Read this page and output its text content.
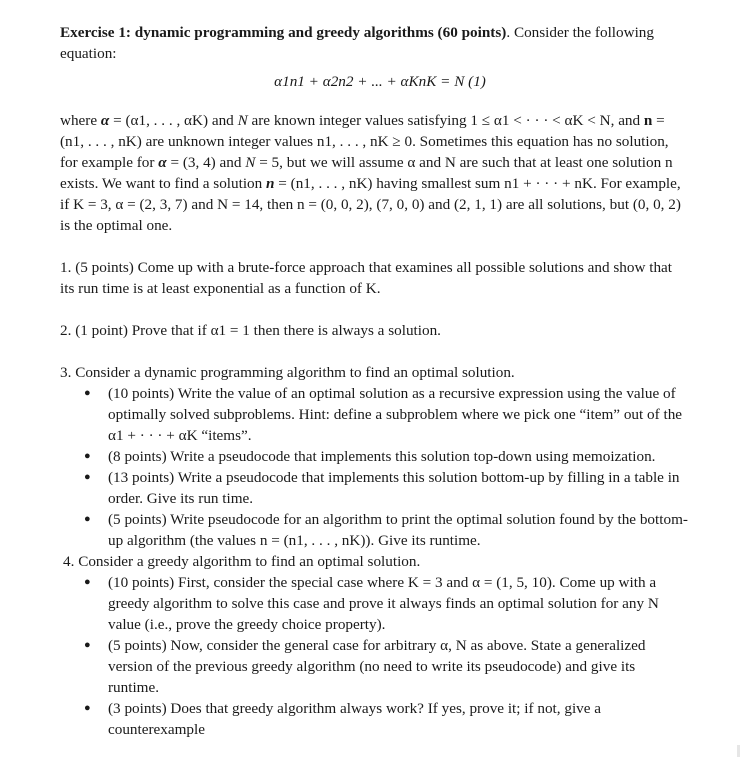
Exercise 1: dynamic programming and greedy algorithms (60 points). Consider the following equation:
α1n1 + α2n2 + ... + αKnK = N (1)
where α = (α1, . . . , αK) and N are known integer values satisfying 1 ≤ α1 < · · · < αK < N, and n = (n1, . . . , nK) are unknown integer values n1, . . . , nK ≥ 0. Sometimes this equation has no solution, for example for α = (3, 4) and N = 5, but we will assume α and N are such that at least one solution n exists. We want to find a solution n = (n1, . . . , nK) having smallest sum n1 + · · · + nK. For example, if K = 3, α = (2, 3, 7) and N = 14, then n = (0, 0, 2), (7, 0, 0) and (2, 1, 1) are all solutions, but (0, 0, 2) is the optimal one.
1. (5 points) Come up with a brute-force approach that examines all possible solutions and show that its run time is at least exponential as a function of K.
2. (1 point) Prove that if α1 = 1 then there is always a solution.
3. Consider a dynamic programming algorithm to find an optimal solution.
● (10 points) Write the value of an optimal solution as a recursive expression using the value of optimally solved subproblems. Hint: define a subproblem where we pick one “item” out of the α1 + · · · + αK “items”.
● (8 points) Write a pseudocode that implements this solution top-down using memoization.
● (13 points) Write a pseudocode that implements this solution bottom-up by filling in a table in order. Give its run time.
● (5 points) Write pseudocode for an algorithm to print the optimal solution found by the bottom-up algorithm (the values n = (n1, . . . , nK)). Give its runtime.
4. Consider a greedy algorithm to find an optimal solution.
● (10 points) First, consider the special case where K = 3 and α = (1, 5, 10). Come up with a greedy algorithm to solve this case and prove it always finds an optimal solution for any N value (i.e., prove the greedy choice property).
● (5 points) Now, consider the general case for arbitrary α, N as above. State a generalized version of the previous greedy algorithm (no need to write its pseudocode) and give its runtime.
● (3 points) Does that greedy algorithm always work? If yes, prove it; if not, give a counterexample
